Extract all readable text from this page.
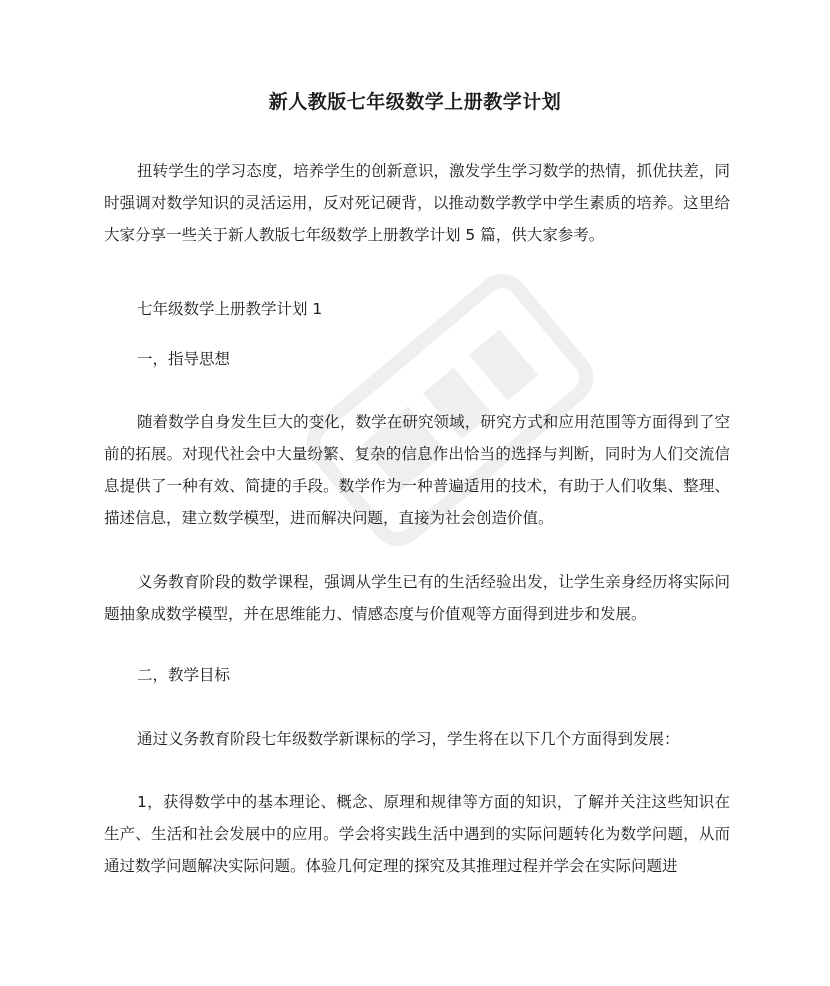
新人教版七年级数学上册教学计划

扭转学生的学习态度，培养学生的创新意识，激发学生学习数学的热情，抓优扶差，同时强调对数学知识的灵活运用，反对死记硬背，以推动数学教学中学生素质的培养。这里给大家分享一些关于新人教版七年级数学上册教学计划 5 篇，供大家参考。

七年级数学上册教学计划 1

一，指导思想

随着数学自身发生巨大的变化，数学在研究领域，研究方式和应用范围等方面得到了空前的拓展。对现代社会中大量纷繁、复杂的信息作出恰当的选择与判断，同时为人们交流信息提供了一种有效、简捷的手段。数学作为一种普遍适用的技术，有助于人们收集、整理、描述信息，建立数学模型，进而解决问题，直接为社会创造价值。

义务教育阶段的数学课程，强调从学生已有的生活经验出发，让学生亲身经历将实际问题抽象成数学模型，并在思维能力、情感态度与价值观等方面得到进步和发展。

二，教学目标

通过义务教育阶段七年级数学新课标的学习，学生将在以下几个方面得到发展：

1，获得数学中的基本理论、概念、原理和规律等方面的知识，了解并关注这些知识在生产、生活和社会发展中的应用。学会将实践生活中遇到的实际问题转化为数学问题，从而通过数学问题解决实际问题。体验几何定理的探究及其推理过程并学会在实际问题进
